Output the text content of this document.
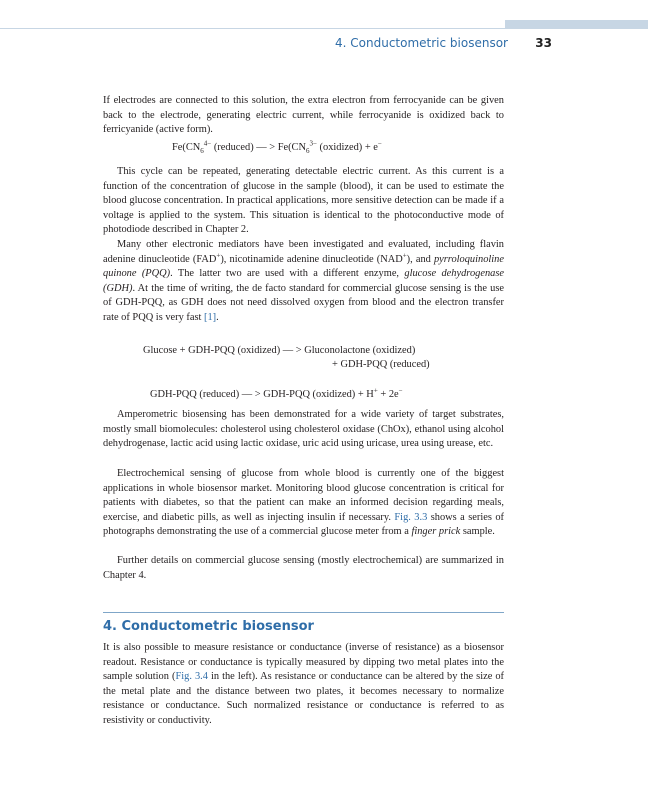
4. Conductometric biosensor 33

If electrodes are connected to this solution, the extra electron from ferrocyanide can be given back to the electrode, generating electric current, while ferrocyanide is oxidized back to ferricyanide (active form).

$Fe(CN_6^{4-}$ (reduced) — > $Fe(CN_6^{3-}$ (oxidized) + e−

This cycle can be repeated, generating detectable electric current. As this current is a function of the concentration of glucose in the sample (blood), it can be used to estimate the blood glucose concentration. In practical applications, more sensitive detection can be made if a voltage is applied to the system. This situation is identical to the photoconductive mode of photodiode described in Chapter 2.

Many other electronic mediators have been investigated and evaluated, including flavin adenine dinucleotide (FAD+), nicotinamide adenine dinucleotide (NAD+), and pyrroloquinoline quinone (PQQ). The latter two are used with a different enzyme, glucose dehydrogenase (GDH). At the time of writing, the de facto standard for commercial glucose sensing is the use of GDH-PQQ, as GDH does not need dissolved oxygen from blood and the electron transfer rate of PQQ is very fast [1].

Glucose + GDH-PQQ (oxidized) — > Gluconolactone (oxidized)
+ GDH-PQQ (reduced)
GDH-PQQ (reduced) — > GDH-PQQ (oxidized) + H+ + 2e−

Amperometric biosensing has been demonstrated for a wide variety of target substrates, mostly small biomolecules: cholesterol using cholesterol oxidase (ChOx), ethanol using alcohol dehydrogenase, lactic acid using lactic oxidase, uric acid using uricase, urea using urease, etc.

Electrochemical sensing of glucose from whole blood is currently one of the biggest applications in whole biosensor market. Monitoring blood glucose concentration is critical for patients with diabetes, so that the patient can make an informed decision regarding meals, exercise, and diabetic pills, as well as injecting insulin if necessary. Fig. 3.3 shows a series of photographs demonstrating the use of a commercial glucose meter from a finger prick sample.

Further details on commercial glucose sensing (mostly electrochemical) are summarized in Chapter 4.

4. Conductometric biosensor

It is also possible to measure resistance or conductance (inverse of resistance) as a biosensor readout. Resistance or conductance is typically measured by dipping two metal plates into the sample solution (Fig. 3.4 in the left). As resistance or conductance can be altered by the size of the metal plate and the distance between two plates, it becomes necessary to normalize resistance or conductance. Such normalized resistance or conductance is referred to as resistivity or conductivity.
